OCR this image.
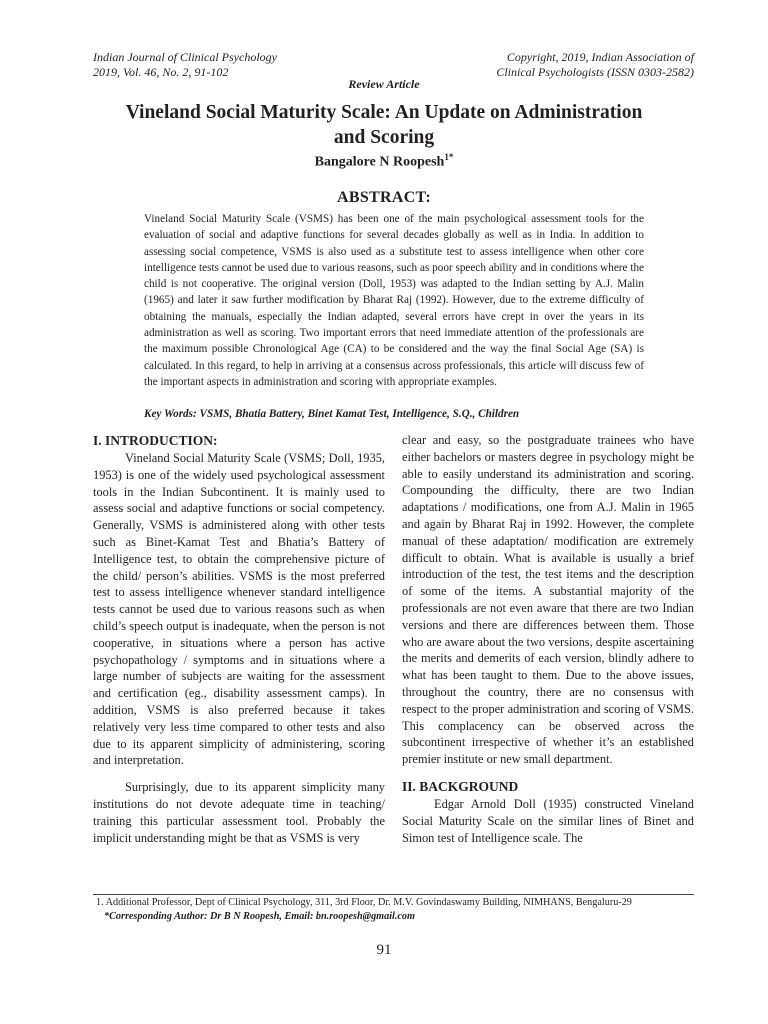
Indian Journal of Clinical Psychology
2019, Vol. 46, No. 2, 91-102
Copyright, 2019, Indian Association of
Clinical Psychologists (ISSN 0303-2582)
Review Article
Vineland Social Maturity Scale: An Update on Administration and Scoring
Bangalore N Roopesh$^{1*}$
ABSTRACT:

Vineland Social Maturity Scale (VSMS) has been one of the main psychological assessment tools for the evaluation of social and adaptive functions for several decades globally as well as in India. In addition to assessing social competence, VSMS is also used as a substitute test to assess intelligence when other core intelligence tests cannot be used due to various reasons, such as poor speech ability and in conditions where the child is not cooperative. The original version (Doll, 1953) was adapted to the Indian setting by A.J. Malin (1965) and later it saw further modification by Bharat Raj (1992). However, due to the extreme difficulty of obtaining the manuals, especially the Indian adapted, several errors have crept in over the years in its administration as well as scoring. Two important errors that need immediate attention of the professionals are the maximum possible Chronological Age (CA) to be considered and the way the final Social Age (SA) is calculated. In this regard, to help in arriving at a consensus across professionals, this article will discuss few of the important aspects in administration and scoring with appropriate examples.

Key Words: VSMS, Bhatia Battery, Binet Kamat Test, Intelligence, S.Q., Children
I. INTRODUCTION:

Vineland Social Maturity Scale (VSMS; Doll, 1935, 1953) is one of the widely used psychological assessment tools in the Indian Subcontinent. It is mainly used to assess social and adaptive functions or social competency. Generally, VSMS is administered along with other tests such as Binet-Kamat Test and Bhatia’s Battery of Intelligence test, to obtain the comprehensive picture of the child/ person’s abilities. VSMS is the most preferred test to assess intelligence whenever standard intelligence tests cannot be used due to various reasons such as when child’s speech output is inadequate, when the person is not cooperative, in situations where a person has active psychopathology / symptoms and in situations where a large number of subjects are waiting for the assessment and certification (eg., disability assessment camps). In addition, VSMS is also preferred because it takes relatively very less time compared to other tests and also due to its apparent simplicity of administering, scoring and interpretation.

Surprisingly, due to its apparent simplicity many institutions do not devote adequate time in teaching/ training this particular assessment tool. Probably the implicit understanding might be that as VSMS is very

clear and easy, so the postgraduate trainees who have either bachelors or masters degree in psychology might be able to easily understand its administration and scoring. Compounding the difficulty, there are two Indian adaptations / modifications, one from A.J. Malin in 1965 and again by Bharat Raj in 1992. However, the complete manual of these adaptation/ modification are extremely difficult to obtain. What is available is usually a brief introduction of the test, the test items and the description of some of the items. A substantial majority of the professionals are not even aware that there are two Indian versions and there are differences between them. Those who are aware about the two versions, despite ascertaining the merits and demerits of each version, blindly adhere to what has been taught to them. Due to the above issues, throughout the country, there are no consensus with respect to the proper administration and scoring of VSMS. This complacency can be observed across the subcontinent irrespective of whether it’s an established premier institute or new small department.

II. BACKGROUND

Edgar Arnold Doll (1935) constructed Vineland Social Maturity Scale on the similar lines of Binet and Simon test of Intelligence scale. The

1. Additional Professor, Dept of Clinical Psychology, 311, 3rd Floor, Dr. M.V. Govindaswamy Building, NIMHANS, Bengaluru-29
*Corresponding Author: Dr B N Roopesh, Email: bn.roopesh@gmail.com
91
